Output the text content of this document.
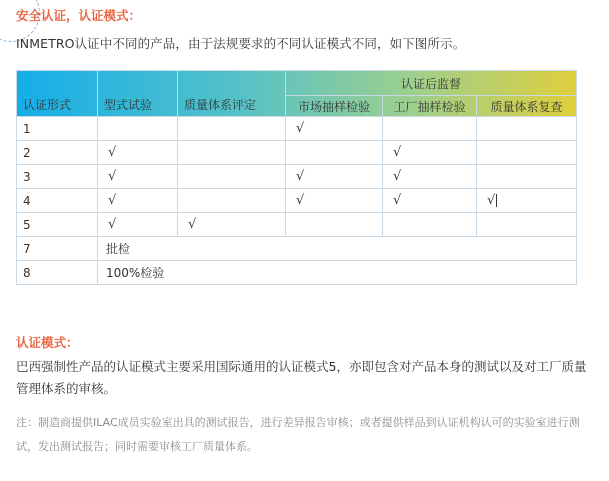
安全认证，认证模式：
INMETRO认证中不同的产品，由于法规要求的不同认证模式不同，如下图所示。
认证形式	型式试验	质量体系评定	认证后监督		
			市场抽样检验	工厂抽样检验	质量体系复查
1			√		
2	√			√	
3	√		√	√	
4	√		√	√	√
5	√	√			
7	批检				
8	100%检验				
认证模式：
巴西强制性产品的认证模式主要采用国际通用的认证模式5，亦即包含对产品本身的测试以及对工厂质量管理体系的审核。
注：制造商提供ILAC成员实验室出具的测试报告，进行差异报告审核；或者提供样品到认证机构认可的实验室进行测试，发出测试报告；同时需要审核工厂质量体系。
